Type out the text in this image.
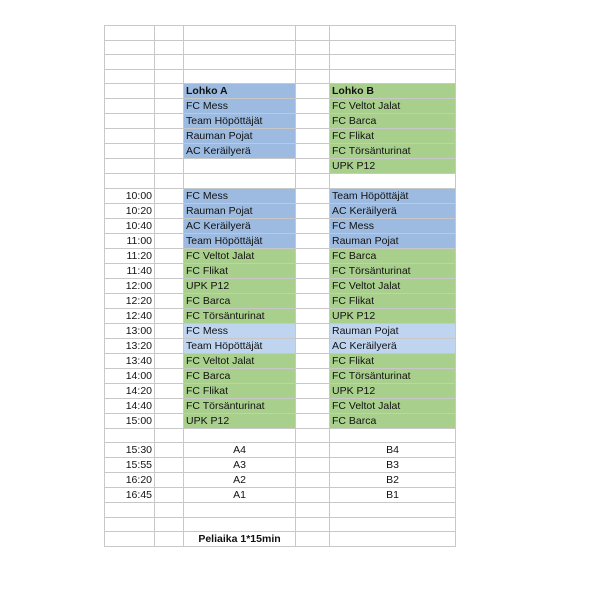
		Lohko A		Lohko B
		FC Mess		FC Veltot Jalat
		Team Höpöttäjät		FC Barca
		Rauman Pojat		FC Flikat
		AC Keräilyerä		FC Törsänturinat
				UPK P12

10:00		FC Mess		Team Höpöttäjät
10:20		Rauman Pojat		AC Keräilyerä
10:40		AC Keräilyerä		FC Mess
11:00		Team Höpöttäjät		Rauman Pojat
11:20		FC Veltot Jalat		FC Barca
11:40		FC Flikat		FC Törsänturinat
12:00		UPK P12		FC Veltot Jalat
12:20		FC Barca		FC Flikat
12:40		FC Törsänturinat		UPK P12
13:00		FC Mess		Rauman Pojat
13:20		Team Höpöttäjät		AC Keräilyerä
13:40		FC Veltot Jalat		FC Flikat
14:00		FC Barca		FC Törsänturinat
14:20		FC Flikat		UPK P12
14:40		FC Törsänturinat		FC Veltot Jalat
15:00		UPK P12		FC Barca

15:30		A4		B4
15:55		A3		B3
16:20		A2		B2
16:45		A1		B1

		Peliaika 1*15min		
